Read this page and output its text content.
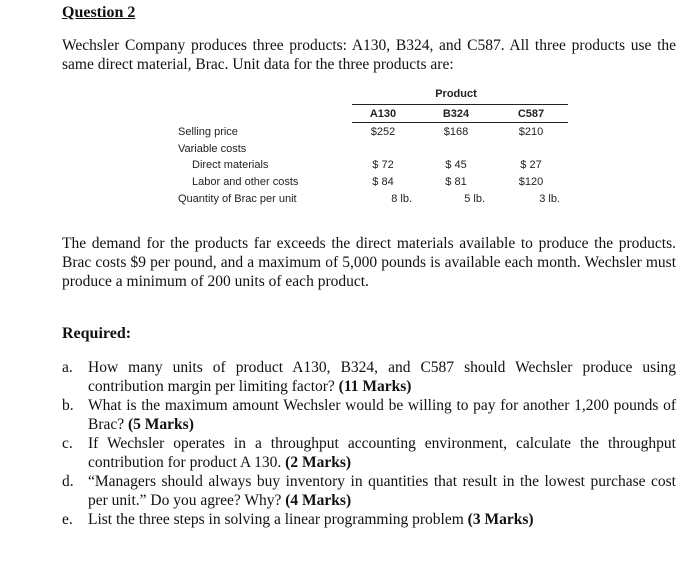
Question 2
Wechsler Company produces three products: A130, B324, and C587. All three products use the same direct material, Brac. Unit data for the three products are:
Product
A130	B324	C587
Selling price	$252	$168	$210
Variable costs
Direct materials	$ 72	$ 45	$ 27
Labor and other costs	$ 84	$ 81	$120
Quantity of Brac per unit	8 lb.	5 lb.	3 lb.
The demand for the products far exceeds the direct materials available to produce the products. Brac costs $9 per pound, and a maximum of 5,000 pounds is available each month. Wechsler must produce a minimum of 200 units of each product.
Required:
a. How many units of product A130, B324, and C587 should Wechsler produce using contribution margin per limiting factor? (11 Marks)
b. What is the maximum amount Wechsler would be willing to pay for another 1,200 pounds of Brac? (5 Marks)
c. If Wechsler operates in a throughput accounting environment, calculate the throughput contribution for product A 130. (2 Marks)
d. “Managers should always buy inventory in quantities that result in the lowest purchase cost per unit.” Do you agree? Why? (4 Marks)
e. List the three steps in solving a linear programming problem (3 Marks)
